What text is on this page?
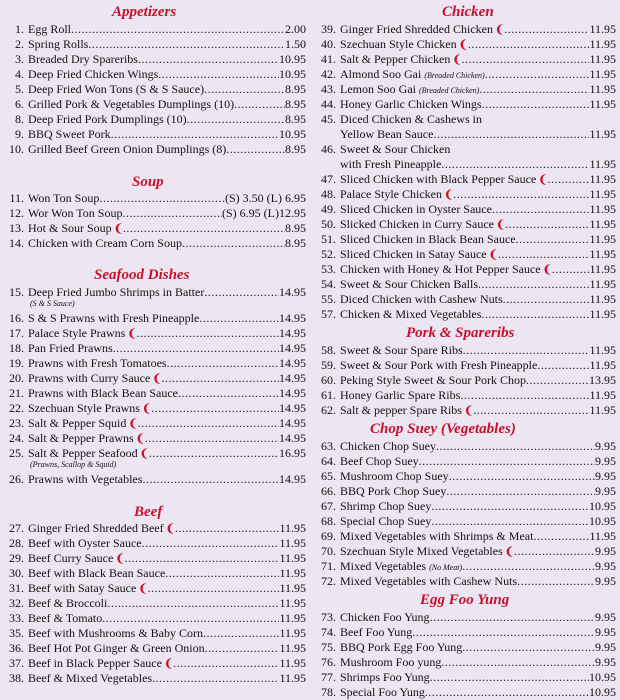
Appetizers
1. Egg Roll .....	2.00
2. Spring Rolls .....	1.50
3. Breaded Dry Spareribs .....	10.95
4. Deep Fried Chicken Wings .....	10.95
5. Deep Fried Won Tons (S & S Sauce) .....	8.95
6. Grilled Pork & Vegetables Dumplings (10) .....	8.95
8. Deep Fried Pork Dumplings (10) .....	8.95
9. BBQ Sweet Pork .....	10.95
10. Grilled Beef Green Onion Dumplings (8) .....	8.95
Soup
11. Won Ton Soup .....	(S) 3.50 (L) 6.95
12. Wor Won Ton Soup .....	(S) 6.95 (L)12.95
13. Hot & Sour Soup ❨ .....	8.95
14. Chicken with Cream Corn Soup .....	8.95
Seafood Dishes
15. Deep Fried Jumbo Shrimps in Batter .....	14.95
(S & S Sauce)
16. S & S Prawns with Fresh Pineapple .....	14.95
17. Palace Style Prawns ❨ .....	14.95
18. Pan Fried Prawns .....	14.95
19. Prawns with Fresh Tomatoes .....	14.95
20. Prawns with Curry Sauce ❨ .....	14.95
21. Prawns with Black Bean Sauce .....	14.95
22. Szechuan Style Prawns ❨ .....	14.95
23. Salt & Pepper Squid ❨ .....	14.95
24. Salt & Pepper Prawns ❨ .....	14.95
25. Salt & Pepper Seafood ❨ .....	16.95
(Prawns, Scallop & Squid)
26. Prawns with Vegetables .....	14.95
Beef
27. Ginger Fried Shredded Beef ❨ .....	11.95
28. Beef with Oyster Sauce .....	11.95
29. Beef Curry Sauce ❨ .....	11.95
30. Beef with Black Bean Sauce .....	11.95
31. Beef with Satay Sauce ❨ .....	11.95
32. Beef & Broccoli .....	11.95
33. Beef & Tomato .....	11.95
35. Beef with Mushrooms & Baby Corn .....	11.95
36. Beef Hot Pot Ginger & Green Onion .....	11.95
37. Beef in Black Pepper Sauce ❨ .....	11.95
38. Beef & Mixed Vegetables .....	11.95
Chicken
39. Ginger Fried Shredded Chicken ❨ .....	11.95
40. Szechuan Style Chicken ❨ .....	11.95
41. Salt & Pepper Chicken ❨ .....	11.95
42. Almond Soo Gai (Breaded Chicken) .....	11.95
43. Lemon Soo Gai (Breaded Chicken) .....	11.95
44. Honey Garlic Chicken Wings .....	11.95
45. Diced Chicken & Cashews in
Yellow Bean Sauce .....	11.95
46. Sweet & Sour Chicken
with Fresh Pineapple .....	11.95
47. Sliced Chicken with Black Pepper Sauce ❨ .....	11.95
48. Palace Style Chicken ❨ .....	11.95
49. Sliced Chicken in Oyster Sauce .....	11.95
50. Slicked Chicken in Curry Sauce ❨ .....	11.95
51. Sliced Chicken in Black Bean Sauce .....	11.95
52. Sliced Chicken in Satay Sauce ❨ .....	11.95
53. Chicken with Honey & Hot Pepper Sauce ❨ .....	11.95
54. Sweet & Sour Chicken Balls .....	11.95
55. Diced Chicken with Cashew Nuts .....	11.95
57. Chicken & Mixed Vegetables .....	11.95
Pork & Spareribs
58. Sweet & Sour Spare Ribs .....	11.95
59. Sweet & Sour Pork with Fresh Pineapple .....	11.95
60. Peking Style Sweet & Sour Pork Chop .....	13.95
61. Honey Garlic Spare Ribs .....	11.95
62. Salt & pepper Spare Ribs ❨ .....	11.95
Chop Suey (Vegetables)
63. Chicken Chop Suey .....	9.95
64. Beef Chop Suey .....	9.95
65. Mushroom Chop Suey .....	9.95
66. BBQ Pork Chop Suey .....	9.95
67. Shrimp Chop Suey .....	10.95
68. Special Chop Suey .....	10.95
69. Mixed Vegetables with Shrimps & Meat .....	11.95
70. Szechuan Style Mixed Vegetables ❨ .....	9.95
71. Mixed Vegetables (No Meat) .....	9.95
72. Mixed Vegetables with Cashew Nuts .....	9.95
Egg Foo Yung
73. Chicken Foo Yung .....	9.95
74. Beef Foo Yung .....	9.95
75. BBQ Pork Egg Foo Yung .....	9.95
76. Mushroom Foo yung .....	9.95
77. Shrimps Foo Yung .....	10.95
78. Special Foo Yung .....	10.95
